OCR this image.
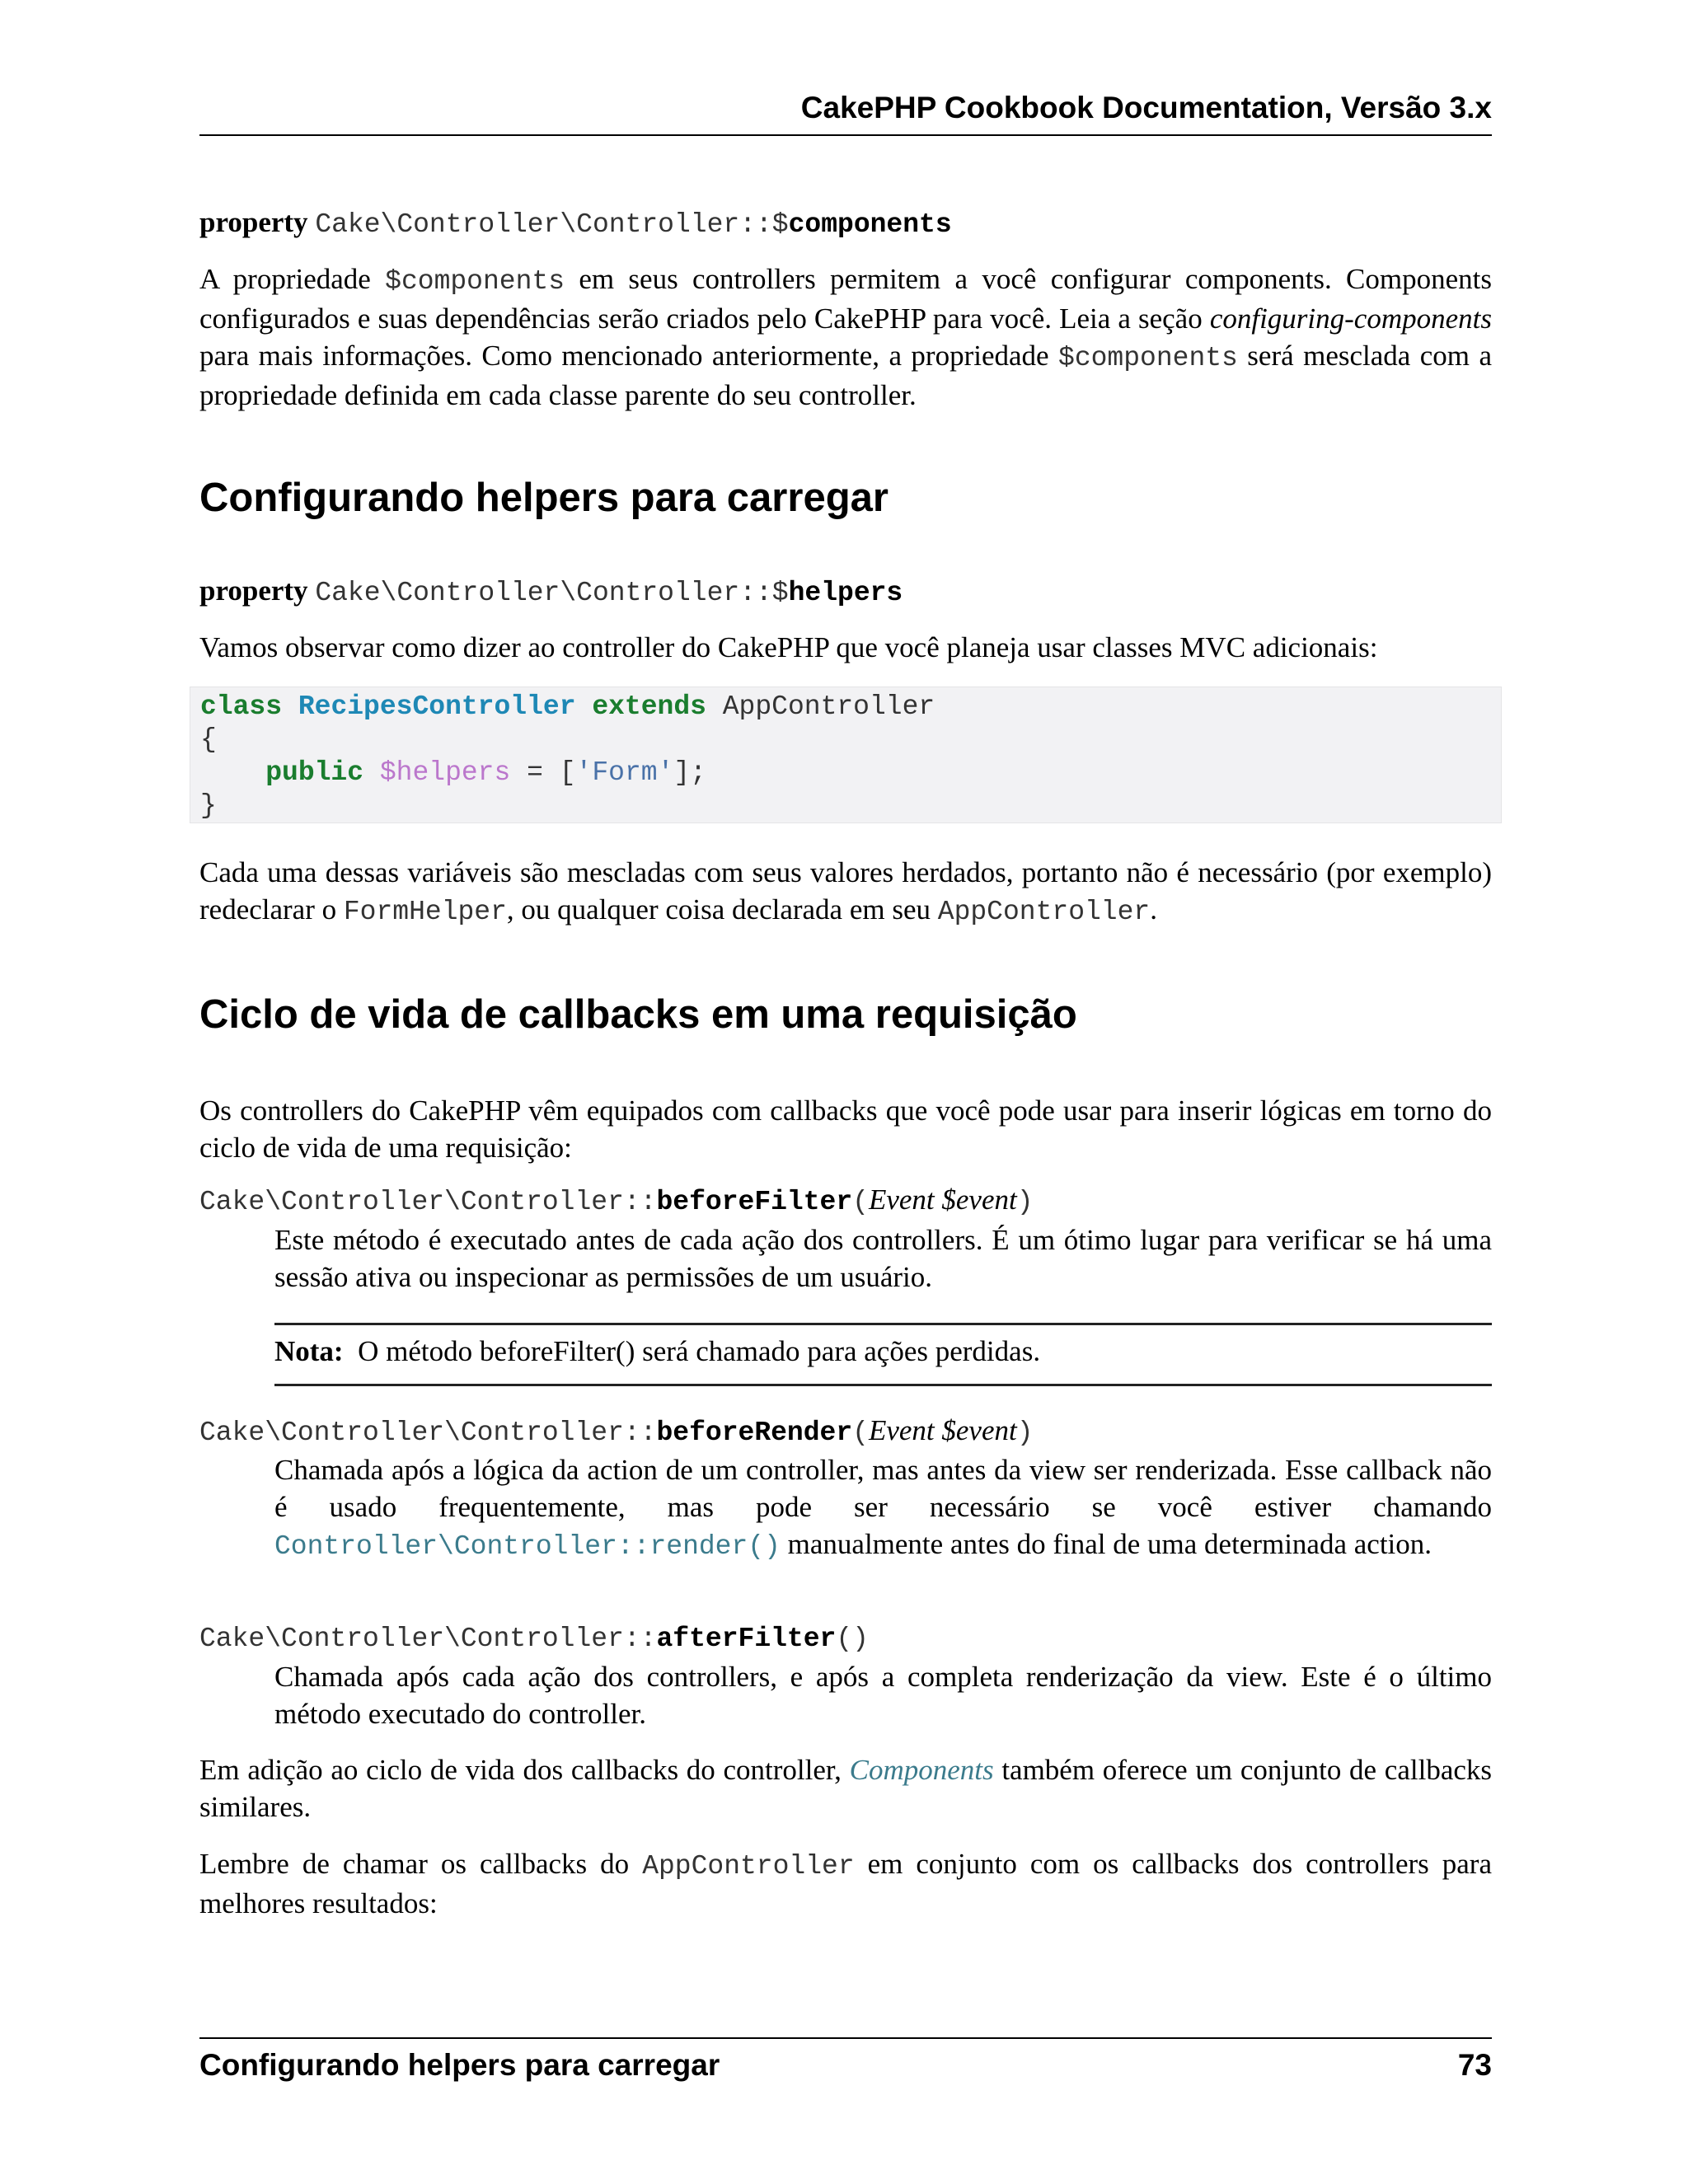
CakePHP Cookbook Documentation, Versão 3.x
property Cake\Controller\Controller::$components

A propriedade $components em seus controllers permitem a você configurar components. Components configurados e suas dependências serão criados pelo CakePHP para você. Leia a seção configuring-components para mais informações. Como mencionado anteriormente, a propriedade $components será mesclada com a propriedade definida em cada classe parente do seu controller.

Configurando helpers para carregar
property Cake\Controller\Controller::$helpers

Vamos observar como dizer ao controller do CakePHP que você planeja usar classes MVC adicionais:

class RecipesController extends AppController
{
public $helpers = ['Form'];
}

Cada uma dessas variáveis são mescladas com seus valores herdados, portanto não é necessário (por exemplo) redeclarar o FormHelper, ou qualquer coisa declarada em seu AppController.

Ciclo de vida de callbacks em uma requisição

Os controllers do CakePHP vêm equipados com callbacks que você pode usar para inserir lógicas em torno do ciclo de vida de uma requisição:

Cake\Controller\Controller::beforeFilter(Event $event)

Este método é executado antes de cada ação dos controllers. É um ótimo lugar para verificar se há uma sessão ativa ou inspecionar as permissões de um usuário.

Nota: O método beforeFilter() será chamado para ações perdidas.
Cake\Controller\Controller::beforeRender(Event $event)

Chamada após a lógica da action de um controller, mas antes da view ser renderizada. Esse callback não é usado frequentemente, mas pode ser necessário se você estiver chamando Controller\Controller::render() manualmente antes do final de uma determinada action.

Cake\Controller\Controller::afterFilter()

Chamada após cada ação dos controllers, e após a completa renderização da view. Este é o último método executado do controller.

Em adição ao ciclo de vida dos callbacks do controller, Components também oferece um conjunto de callbacks similares.

Lembre de chamar os callbacks do AppController em conjunto com os callbacks dos controllers para melhores resultados:

Configurando helpers para carregar	73
